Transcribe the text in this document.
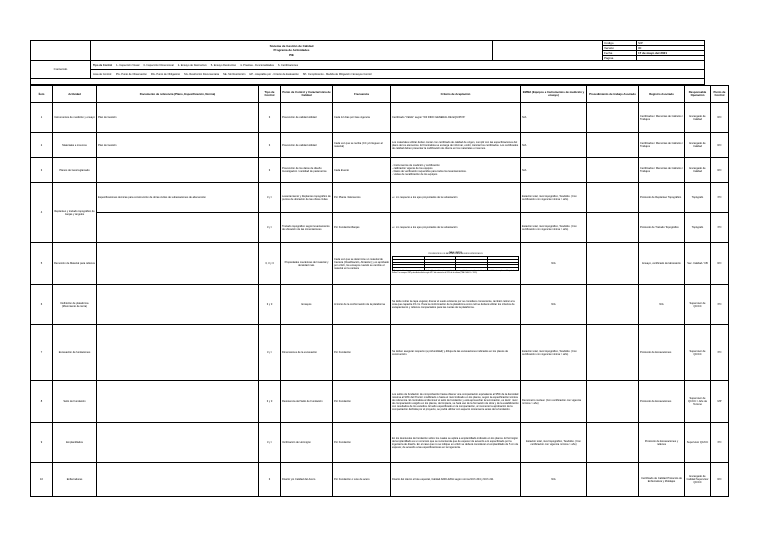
Sistema de Gestión de Calidad
Programa de Actividades
PIE
		Código	SIP
Versión	00
Fecha	17 de mayo del 2021
Página	
Contenido	
Tipo de Control	1- Inspección Visual	3- Inspección Dimensional	2- Ensayo de Destructivo	5- Ensayo Destructivo	4- Pruebas - Funcionalidades	6- Certificaciones

Área de Control:	PG- Punto de Observación	RG- Punto de Obligatorio	SG- Restricción Documentaria	SE- Sin Restricción	HP - Aceptable por - Criterio de Evaluación	SP- Cumplimiento - Medida de Mitigación / Ensayos Control

Ítem	Actividad	Documento de referencia (Plano, Especificación, Norma)	Tipo de Control	Punto de Control y Característica de Calidad	Frecuencia	Criterio de Aceptación	EMMA (Equipos e Instrumentos de medición y ensayo)	Procedimiento de trabajo Asociado	Registro Asociado	Responsable Operación	Punto de Control
1	Instrumentos de medición y ensayo	Plan de Gestión	3	Prevención de calidad utilidad	Cada 12 días por fase vigencia	Certificado "Válido" según "0/0 INDO GENERAL DE EQUIPOS"	N/A		Certificados / Memorias de Cálculos / Trabajos	Encargado de Calidad	RO
2	Materiales e insumos	Plan de Gestión	3	Prevención de calidad utilidad	Cada vez que se reciba (CC y/o lleguen al material)	Los materiales utilizar deben contar con certificado de calidad de origen, cumplir con las especificaciones del plano de los elementos. El Contratista se encarga de informar, emitir, tramitar los certificados. Los certificados de calidad deben presentar la codificación de cliente en los materiales e insumos.	N/A		Certificados / Memorias de Cálculos / Trabajos	Encargado de Calidad	RO
3	Planos de Georreglamado		3	Prevención de los datos de diseño Investigación / cantidad de parámetros	Cada Evento	- Instrumentos de medición y certificación
- calibración vigente de los equipos
- Datos de verificación requeridos para todos los levantamientos.
- visitas de recalibración de los equipos	N/A		Certificados / Memorias de Cálculos / Trabajos	Encargado de Calidad	RO
4	Replanteo y trazado topográfico de zanjas y ángulos	Especificaciones técnicas para construcción de obras civiles de subestaciones de alta tensión	3 y r	Levantamiento y Replanteo topográfico de puntos de ubicación de las obras civiles	Por Planta / Elementos	+/- cm respecto a los ejes proyectados de la subestación	Estación total, nivel topográfico, Teodolito. (Con certificación con vigencia mínima > año)		Protocolo de Replanteo Topográfico	Topógrafo	PO
	3 y r	Trazado topográfico según levantamiento de ubicación de las cimentaciones	Por Fundación/Zanjas	+/- cm respecto a los ejes proyectados de la subestación	Estación total, nivel topográfico, Teodolito. (Con certificación con vigencia mínima > año)		Protocolo de Trazado Topográfico	Topógrafo	PO
5	Remoción de Material para rellenos		3, 3 y 3	Propiedades mecánicas del material y densidad máx.	Cada vez que se determine un material de Cantera (Clasificación, Abrasión) y es aprobado por el EC, los ensayos cuando se cambie el material en la cantera	
TABLA 1 (MTC E)
PROGRESIÓN DE LOS MATERIALES PARA RELLENOS ESPECIFICADOS
	PRODUCTO NATURAL	RELLENO ESTRUCTURAL	RELLENO RESTRICCIÓN
3"	100	100	100
1 1/2"	75-100	70-100	-
N°4	30-60	30-70	-
N°200	0-15	0-10	0-15
El Contratista deberá asegurarse que las propiedades del material tiene la capacidad de capa vegetal de los materiales extraídos, el material deberá cumplir con: Propiedades de Relleno* los ensayos CBR y densidad máxima según MTC del material es de 95% de la máxima (TBA / RA-01-1 / 2020).
	N/A		Ensayo, certificado de laboratorio	Sec. Calidad / CB	RO
6	Definición de plataforma (Movimiento de tierra)		3 y 3	Ensayos	Al inicio de la conformación de la plataforma	Se debe retirar la capa vegetal, drenar el suelo existente por se considere conveniente, también retirar a la cota que capacite 15 cm. Para la conformación de la plataforma como rell se deberá utilizar los criterios de escapamiento y rellenos compactados para las cuotas de la plataforma.	N/A		N/A	Supervisor de QC/CC	PO
7	Excavación de fundaciones		3 y r	Dimensiones de la excavación	Por Fundación	Se deben asegurar respecto (a profundidad) y dibuja de las excavaciones indicados en los planos de construcción.	Estación total, nivel topográfico, Teodolito. (Con certificación con vigencia mínima > año)		Protocolo de Excavaciones	Supervisor de QC/CC	PO
8	Sello de Fundación		3 y 3	Resistencia del Sello de Fundación	Por Fundación	Los sellos de fundación de comprobación hasta obtener una compactación equivalente al 95% de la densidad máxima al 90% del Proctor modificado o hasta el nivel indicado en los planos, según la especificación técnica de referencia. El contratista al disminuir el sello de fundación y está aprovechar la terminación, es decir: nivel de compactación exigido en los planos, de limpieza, se hará uso de la formación de obra y de la estabilización con resultados de los estudios. El sello especificado en la compactación, al momento la aprobación de la compactación definida por el proyecto, se podrá utilizar con aspecto únicamente antes de la fundación.	Densímetro nuclear. (Con certificación con vigencia mínima > año)		Protocolo de Excavaciones	Supervisor de QC/CC / Jefe de Terreno	MP
9	Emplantillados		3 y r	Verificación de Hormigón	Por Fundación	En los desniveles de fundación sobre los cuales se aplica a emplantillado indicado en los planos. El hormigón del emplantillado es un concreto que se recomienda que de espesor de acuerdo a lo especificado por la ingeniería de diseño. En el caso que no se indique en el EC se deberá considerar el emplantillado de 5 cm de espesor, de acuerdo a las especificaciones en la ingeniería.	Estación total, nivel topográfico, Teodolito. (Con certificación con vigencia mínima > año)		Protocolo de Excavaciones y rellenos	Supervisor QC/CC	PO
10	Enfierraduras		3	Diseño y/o Calidad del Acero	Por Fundación o Lote de acero	Diseño del Hierro el lote especial, Calidad A630-420H según norma NCh 204 y NCh 211	N/A		Certificado de Calidad Protocolo de Enfierradura y Moldajes	Encargado de Calidad Supervisor QC/CC	RO
